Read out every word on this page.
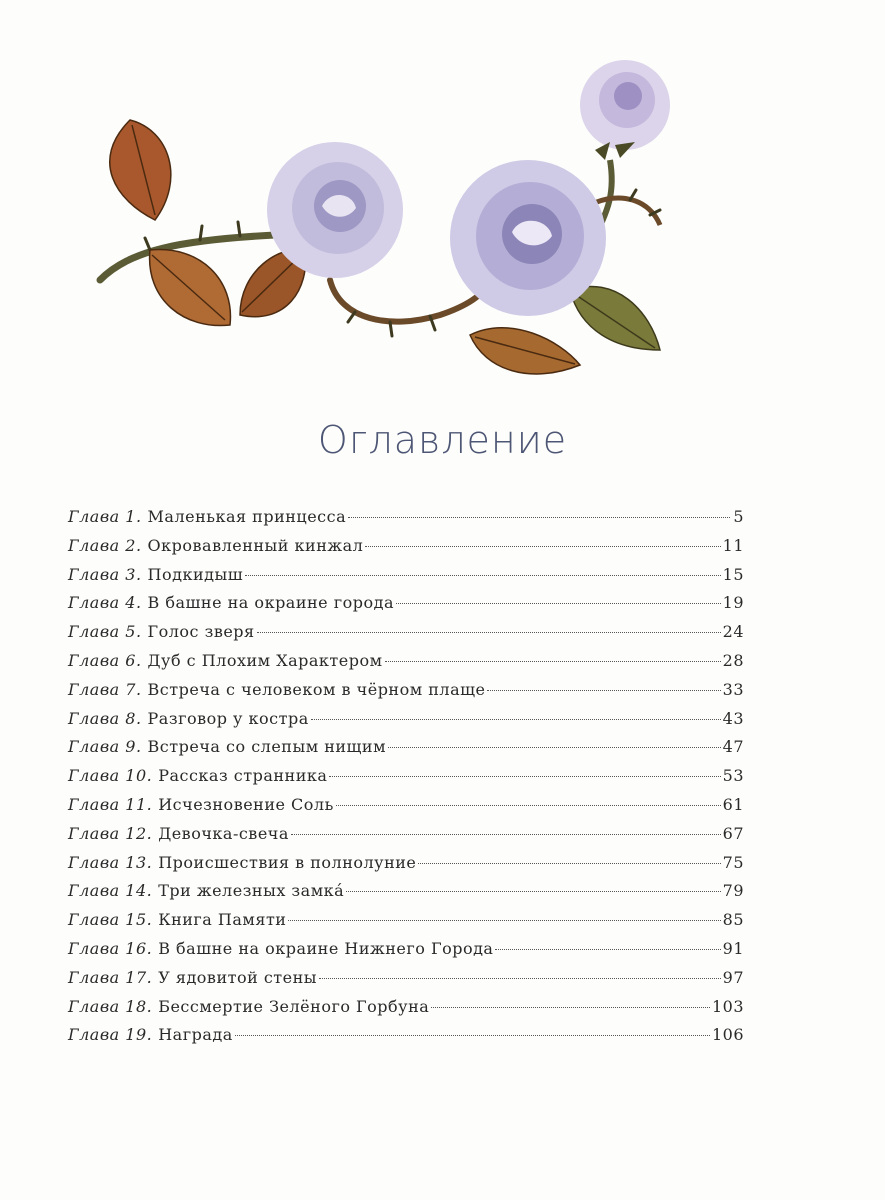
Оглавление
Глава 1. Маленькая принцесса	5
Глава 2. Окровавленный кинжал	11
Глава 3. Подкидыш	15
Глава 4. В башне на окраине города	19
Глава 5. Голос зверя	24
Глава 6. Дуб с Плохим Характером	28
Глава 7. Встреча с человеком в чёрном плаще	33
Глава 8. Разговор у костра	43
Глава 9. Встреча со слепым нищим	47
Глава 10. Рассказ странника	53
Глава 11. Исчезновение Соль	61
Глава 12. Девочка-свеча	67
Глава 13. Происшествия в полнолуние	75
Глава 14. Три железных замка́	79
Глава 15. Книга Памяти	85
Глава 16. В башне на окраине Нижнего Города	91
Глава 17. У ядовитой стены	97
Глава 18. Бессмертие Зелёного Горбуна	103
Глава 19. Награда	106
